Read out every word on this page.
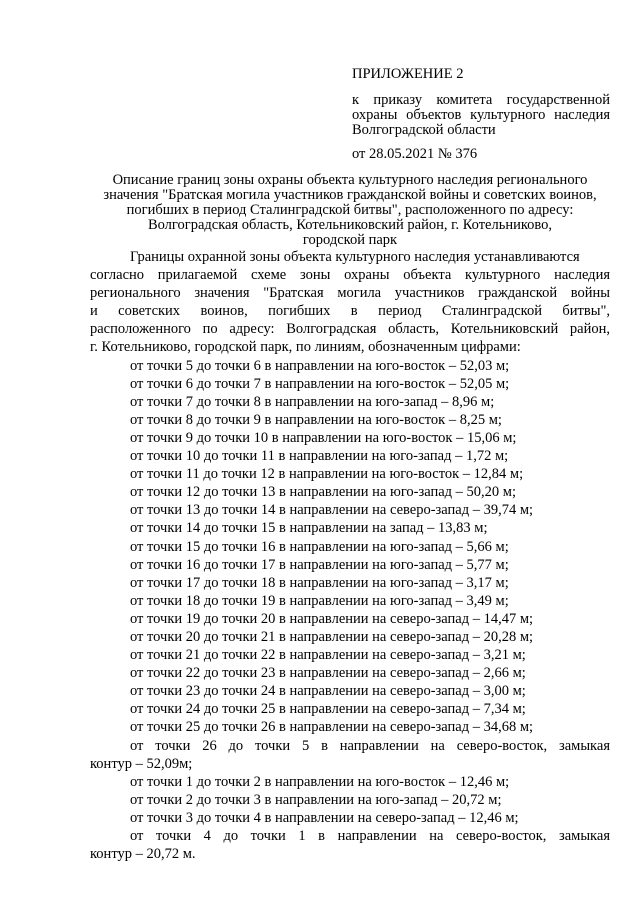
ПРИЛОЖЕНИЕ 2

к приказу комитета государственной

охраны объектов культурного наследия

Волгоградской области

от 28.05.2021 № 376

Описание границ зоны охраны объекта культурного наследия регионального

значения "Братская могила участников гражданской войны и советских воинов,

погибших в период Сталинградской битвы", расположенного по адресу:

Волгоградская область, Котельниковский район, г. Котельниково,

городской парк

Границы охранной зоны объекта культурного наследия устанавливаются

согласно прилагаемой схеме зоны охраны объекта культурного наследия

регионального значения "Братская могила участников гражданской войны

и советских воинов, погибших в период Сталинградской битвы",

расположенного по адресу: Волгоградская область, Котельниковский район,

г. Котельниково, городской парк, по линиям, обозначенным цифрами:

от точки 5 до точки 6 в направлении на юго-восток – 52,03 м;

от точки 6 до точки 7 в направлении на юго-восток – 52,05 м;

от точки 7 до точки 8 в направлении на юго-запад – 8,96 м;

от точки 8 до точки 9 в направлении на юго-восток – 8,25 м;

от точки 9 до точки 10 в направлении на юго-восток – 15,06 м;

от точки 10 до точки 11 в направлении на юго-запад – 1,72 м;

от точки 11 до точки 12 в направлении на юго-восток – 12,84 м;

от точки 12 до точки 13 в направлении на юго-запад – 50,20 м;

от точки 13 до точки 14 в направлении на северо-запад – 39,74 м;

от точки 14 до точки 15 в направлении на запад – 13,83 м;

от точки 15 до точки 16 в направлении на юго-запад – 5,66 м;

от точки 16 до точки 17 в направлении на юго-запад – 5,77 м;

от точки 17 до точки 18 в направлении на юго-запад – 3,17 м;

от точки 18 до точки 19 в направлении на юго-запад – 3,49 м;

от точки 19 до точки 20 в направлении на северо-запад – 14,47 м;

от точки 20 до точки 21 в направлении на северо-запад – 20,28 м;

от точки 21 до точки 22 в направлении на северо-запад – 3,21 м;

от точки 22 до точки 23 в направлении на северо-запад – 2,66 м;

от точки 23 до точки 24 в направлении на северо-запад – 3,00 м;

от точки 24 до точки 25 в направлении на северо-запад – 7,34 м;

от точки 25 до точки 26 в направлении на северо-запад – 34,68 м;

от точки 26 до точки 5 в направлении на северо-восток, замыкая

контур – 52,09м;

от точки 1 до точки 2 в направлении на юго-восток – 12,46 м;

от точки 2 до точки 3 в направлении на юго-запад – 20,72 м;

от точки 3 до точки 4 в направлении на северо-запад – 12,46 м;

от точки 4 до точки 1 в направлении на северо-восток, замыкая

контур – 20,72 м.
